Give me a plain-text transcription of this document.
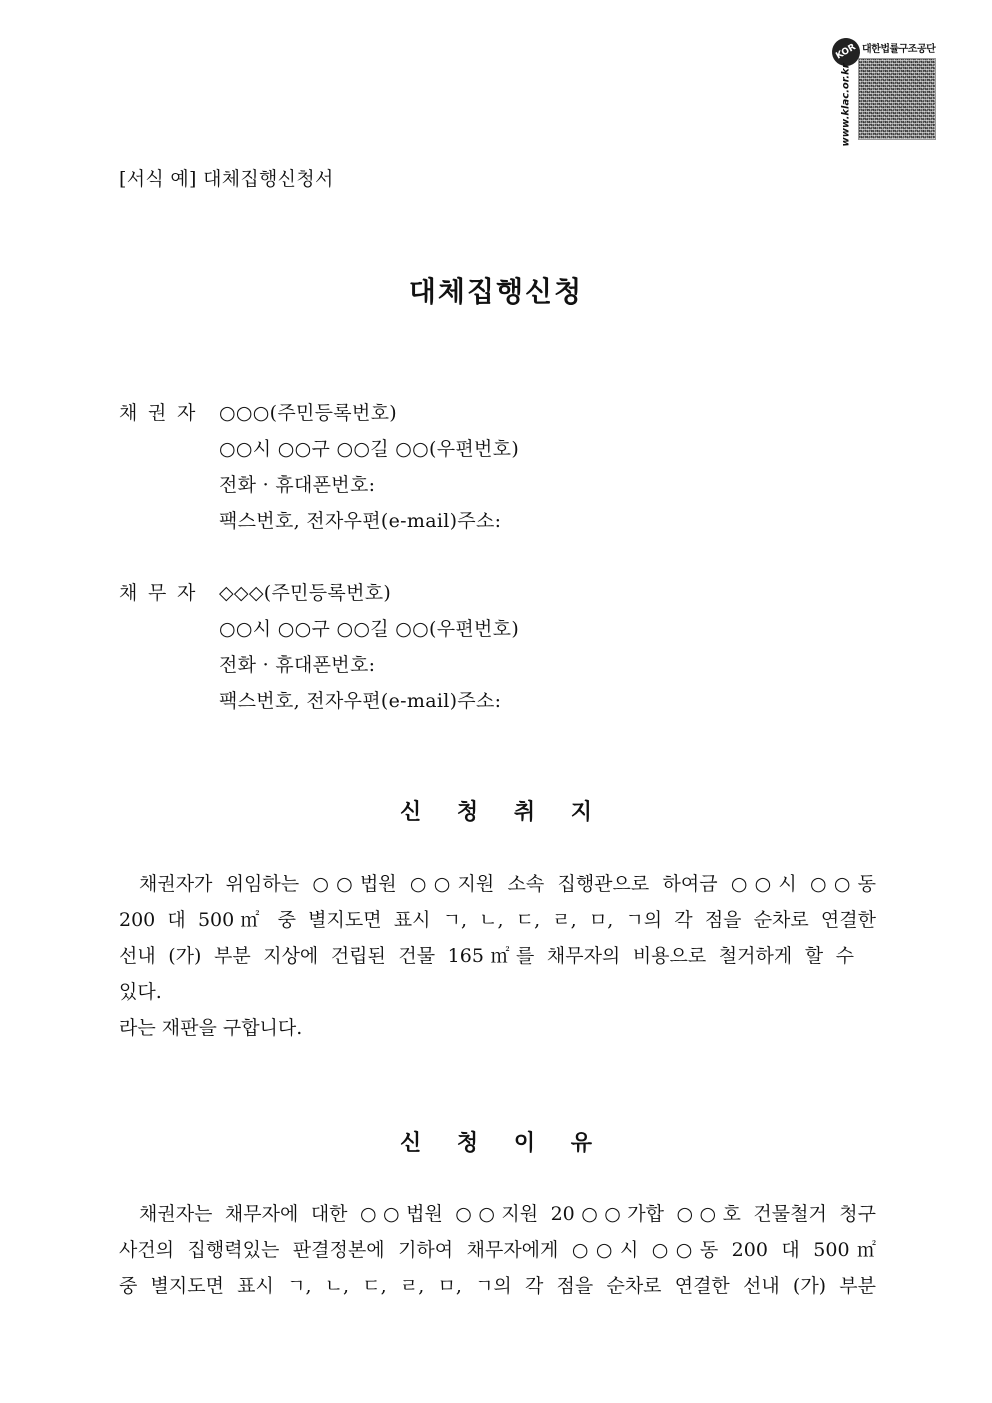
KOR 대한법률구조공단
www.klac.or.kr
[서식 예] 대체집행신청서
대체집행신청
채 권 자 ○○○(주민등록번호)
○○시 ○○구 ○○길 ○○(우편번호)
전화 · 휴대폰번호:
팩스번호, 전자우편(e-mail)주소:
채 무 자 ◇◇◇(주민등록번호)
○○시 ○○구 ○○길 ○○(우편번호)
전화 · 휴대폰번호:
팩스번호, 전자우편(e-mail)주소:
신 청 취 지
채권자가 위임하는 ○○법원 ○○지원 소속 집행관으로 하여금 ○○시 ○○동
200 대 500㎡ 중 별지도면 표시 ㄱ, ㄴ, ㄷ, ㄹ, ㅁ, ㄱ의 각 점을 순차로 연결한
선내 (가) 부분 지상에 건립된 건물 165㎡를 채무자의 비용으로 철거하게 할 수
있다.
라는 재판을 구합니다.
신 청 이 유
채권자는 채무자에 대한 ○○법원 ○○지원 20○○가합 ○○호 건물철거 청구
사건의 집행력있는 판결정본에 기하여 채무자에게 ○○시 ○○동 200 대 500㎡
중 별지도면 표시 ㄱ, ㄴ, ㄷ, ㄹ, ㅁ, ㄱ의 각 점을 순차로 연결한 선내 (가) 부분
